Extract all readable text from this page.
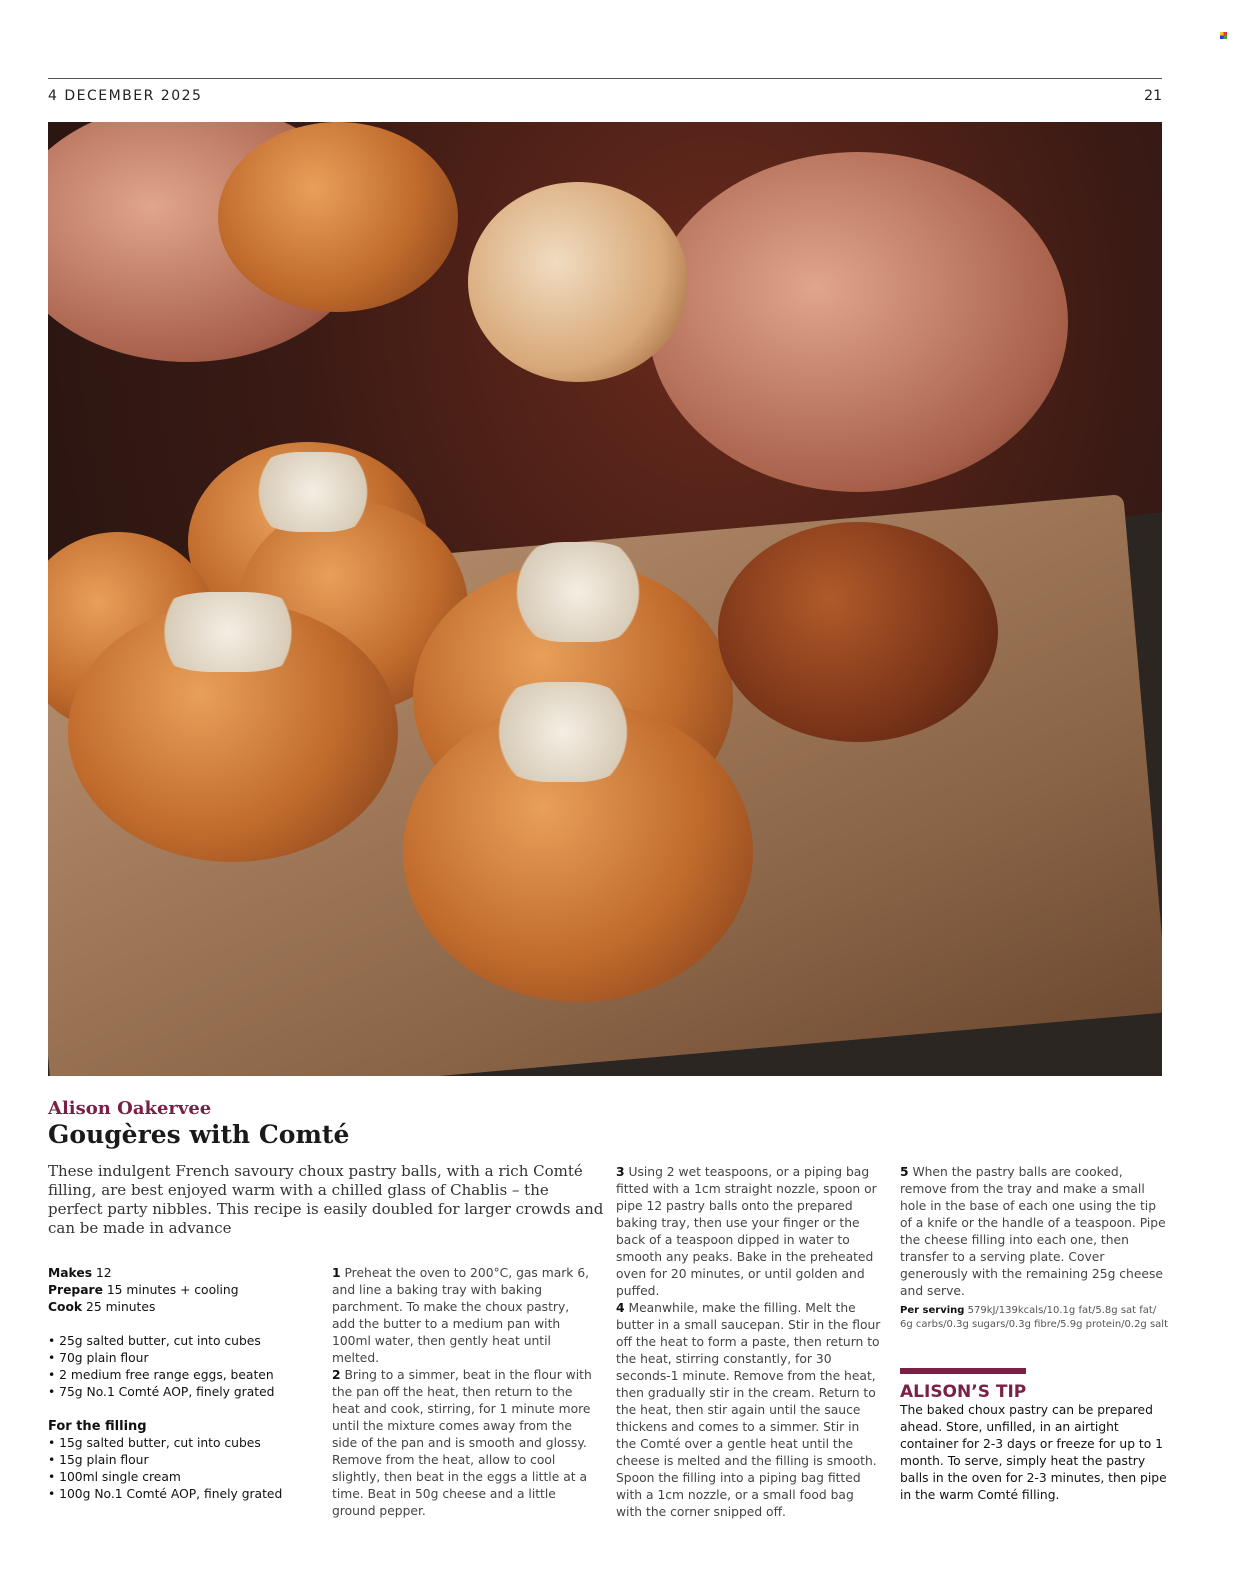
4 DECEMBER 2025	21
Alison Oakervee
Gougères with Comté
These indulgent French savoury choux pastry balls, with a rich Comté filling, are best enjoyed warm with a chilled glass of Chablis – the perfect party nibbles. This recipe is easily doubled for larger crowds and can be made in advance
Makes 12
Prepare 15 minutes + cooling
Cook 25 minutes
• 25g salted butter, cut into cubes
• 70g plain flour
• 2 medium free range eggs, beaten
• 75g No.1 Comté AOP, finely grated
For the filling
• 15g salted butter, cut into cubes
• 15g plain flour
• 100ml single cream
• 100g No.1 Comté AOP, finely grated
1 Preheat the oven to 200°C, gas mark 6, and line a baking tray with baking parchment. To make the choux pastry, add the butter to a medium pan with 100ml water, then gently heat until melted.
2 Bring to a simmer, beat in the flour with the pan off the heat, then return to the heat and cook, stirring, for 1 minute more until the mixture comes away from the side of the pan and is smooth and glossy. Remove from the heat, allow to cool slightly, then beat in the eggs a little at a time. Beat in 50g cheese and a little ground pepper.
3 Using 2 wet teaspoons, or a piping bag fitted with a 1cm straight nozzle, spoon or pipe 12 pastry balls onto the prepared baking tray, then use your finger or the back of a teaspoon dipped in water to smooth any peaks. Bake in the preheated oven for 20 minutes, or until golden and puffed.
4 Meanwhile, make the filling. Melt the butter in a small saucepan. Stir in the flour off the heat to form a paste, then return to the heat, stirring constantly, for 30 seconds-1 minute. Remove from the heat, then gradually stir in the cream. Return to the heat, then stir again until the sauce thickens and comes to a simmer. Stir in the Comté over a gentle heat until the cheese is melted and the filling is smooth. Spoon the filling into a piping bag fitted with a 1cm nozzle, or a small food bag with the corner snipped off.
5 When the pastry balls are cooked, remove from the tray and make a small hole in the base of each one using the tip of a knife or the handle of a teaspoon. Pipe the cheese filling into each one, then transfer to a serving plate. Cover generously with the remaining 25g cheese and serve.
Per serving 579kJ/139kcals/10.1g fat/5.8g sat fat/ 6g carbs/0.3g sugars/0.3g fibre/5.9g protein/0.2g salt
ALISON’S TIP
The baked choux pastry can be prepared ahead. Store, unfilled, in an airtight container for 2-3 days or freeze for up to 1 month. To serve, simply heat the pastry balls in the oven for 2-3 minutes, then pipe in the warm Comté filling.
